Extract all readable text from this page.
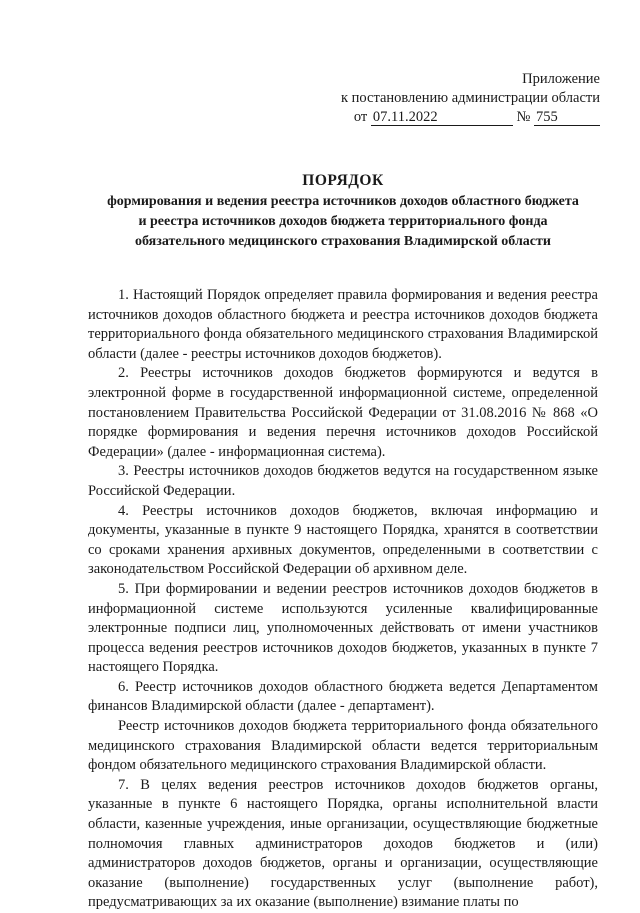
Приложение
к постановлению администрации области
от 07.11.2022	№ 755
ПОРЯДОК
формирования и ведения реестра источников доходов областного бюджета
и реестра источников доходов бюджета территориального фонда
обязательного медицинского страхования Владимирской области

1. Настоящий Порядок определяет правила формирования и ведения реестра источников доходов областного бюджета и реестра источников доходов бюджета территориального фонда обязательного медицинского страхования Владимирской области (далее - реестры источников доходов бюджетов).

2. Реестры источников доходов бюджетов формируются и ведутся в электронной форме в государственной информационной системе, определенной постановлением Правительства Российской Федерации от 31.08.2016 № 868 «О порядке формирования и ведения перечня источников доходов Российской Федерации» (далее - информационная система).

3. Реестры источников доходов бюджетов ведутся на государственном языке Российской Федерации.

4. Реестры источников доходов бюджетов, включая информацию и документы, указанные в пункте 9 настоящего Порядка, хранятся в соответствии со сроками хранения архивных документов, определенными в соответствии с законодательством Российской Федерации об архивном деле.

5. При формировании и ведении реестров источников доходов бюджетов в информационной системе используются усиленные квалифицированные электронные подписи лиц, уполномоченных действовать от имени участников процесса ведения реестров источников доходов бюджетов, указанных в пункте 7 настоящего Порядка.

6. Реестр источников доходов областного бюджета ведется Департаментом финансов Владимирской области (далее - департамент).

Реестр источников доходов бюджета территориального фонда обязательного медицинского страхования Владимирской области ведется территориальным фондом обязательного медицинского страхования Владимирской области.

7. В целях ведения реестров источников доходов бюджетов органы, указанные в пункте 6 настоящего Порядка, органы исполнительной власти области, казенные учреждения, иные организации, осуществляющие бюджетные полномочия главных администраторов доходов бюджетов и (или) администраторов доходов бюджетов, органы и организации, осуществляющие оказание (выполнение) государственных услуг (выполнение работ), предусматривающих за их оказание (выполнение) взимание платы по
